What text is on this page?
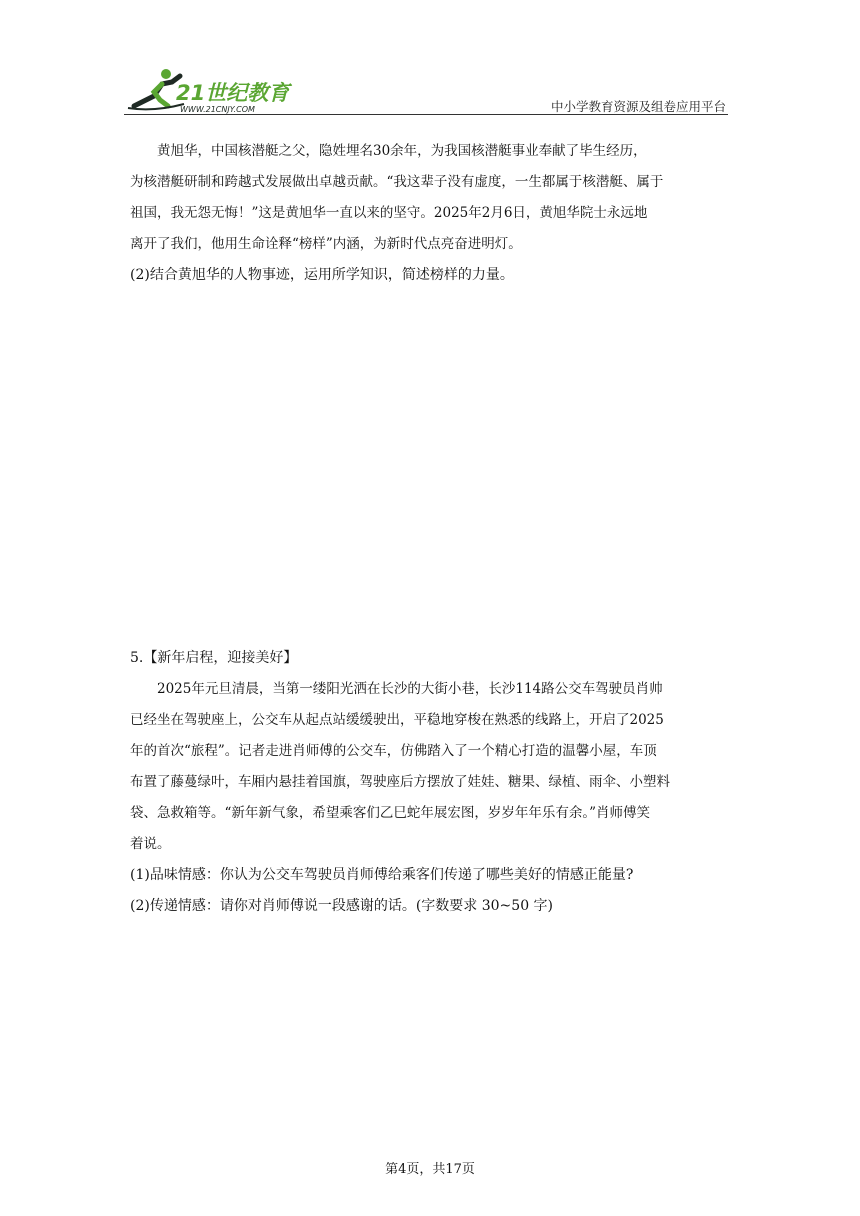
21世纪教育
WWW.21CNJY.COM	中小学教育资源及组卷应用平台

黄旭华，中国核潜艇之父，隐姓埋名30余年，为我国核潜艇事业奉献了毕生经历，

为核潜艇研制和跨越式发展做出卓越贡献。“我这辈子没有虚度，一生都属于核潜艇、属于

祖国，我无怨无悔！”这是黄旭华一直以来的坚守。2025年2月6日，黄旭华院士永远地

离开了我们，他用生命诠释“榜样”内涵，为新时代点亮奋进明灯。

(2)结合黄旭华的人物事迹，运用所学知识，简述榜样的力量。

5.【新年启程，迎接美好】

2025年元旦清晨，当第一缕阳光洒在长沙的大街小巷，长沙114路公交车驾驶员肖帅

已经坐在驾驶座上，公交车从起点站缓缓驶出，平稳地穿梭在熟悉的线路上，开启了2025

年的首次“旅程”。记者走进肖师傅的公交车，仿佛踏入了一个精心打造的温馨小屋，车顶

布置了藤蔓绿叶，车厢内悬挂着国旗，驾驶座后方摆放了娃娃、糖果、绿植、雨伞、小塑料

袋、急救箱等。“新年新气象，希望乘客们乙巳蛇年展宏图，岁岁年年乐有余。”肖师傅笑

着说。

(1)品味情感：你认为公交车驾驶员肖师傅给乘客们传递了哪些美好的情感正能量?

(2)传递情感：请你对肖师傅说一段感谢的话。(字数要求 30~50 字)

第4页，共17页
